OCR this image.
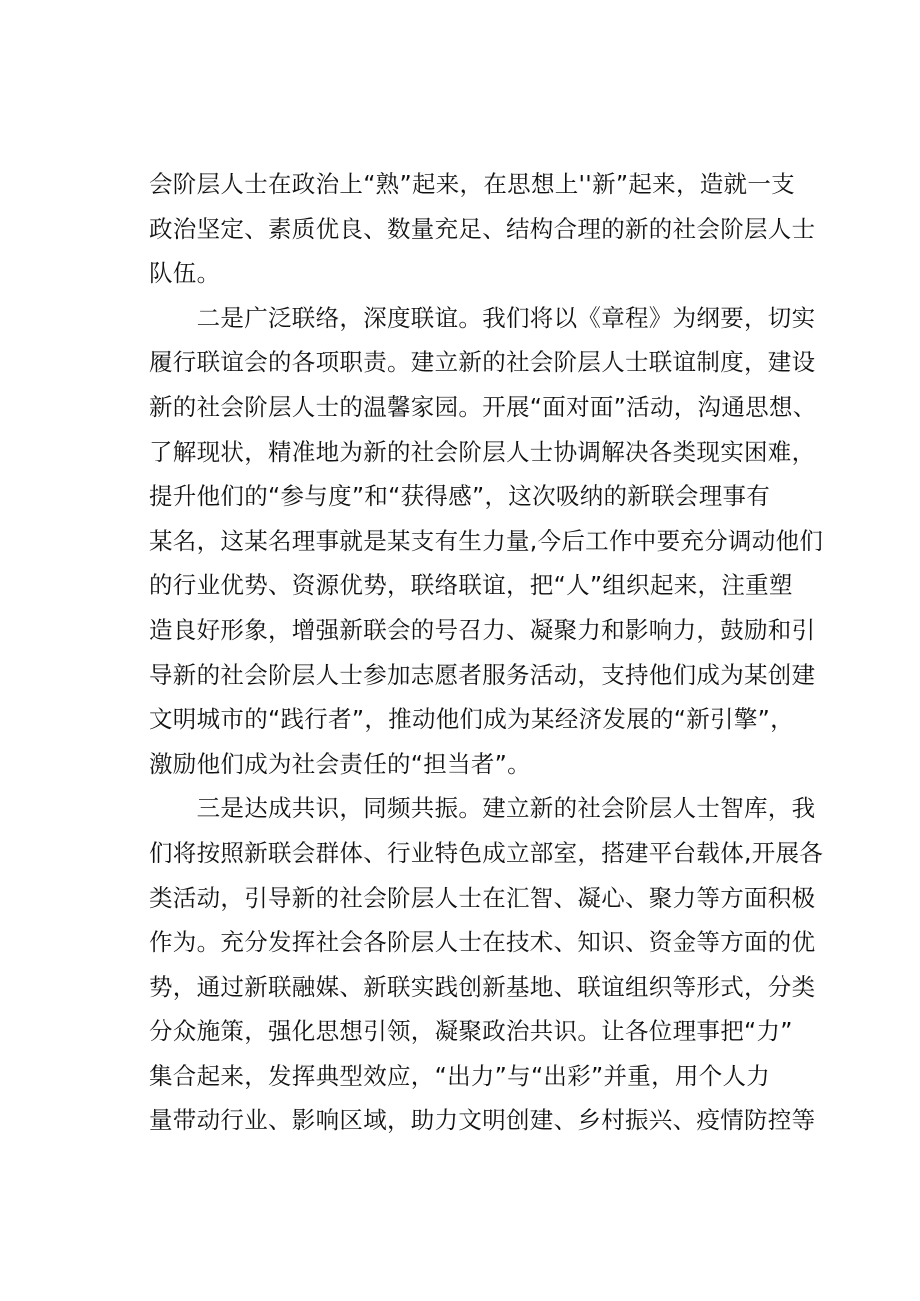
会阶层人士在政治上“熟”起来，在思想上''新”起来，造就一支
政治坚定、素质优良、数量充足、结构合理的新的社会阶层人士
队伍。
　　二是广泛联络，深度联谊。我们将以《章程》为纲要，切实
履行联谊会的各项职责。建立新的社会阶层人士联谊制度，建设
新的社会阶层人士的温馨家园。开展“面对面”活动，沟通思想、
了解现状，精准地为新的社会阶层人士协调解决各类现实困难，
提升他们的“参与度”和“获得感”，这次吸纳的新联会理事有
某名，这某名理事就是某支有生力量,今后工作中要充分调动他们
的行业优势、资源优势，联络联谊，把“人”组织起来，注重塑
造良好形象，增强新联会的号召力、凝聚力和影响力，鼓励和引
导新的社会阶层人士参加志愿者服务活动，支持他们成为某创建
文明城市的“践行者”，推动他们成为某经济发展的“新引擎”，
激励他们成为社会责任的“担当者”。
　　三是达成共识，同频共振。建立新的社会阶层人士智库，我
们将按照新联会群体、行业特色成立部室，搭建平台载体,开展各
类活动，引导新的社会阶层人士在汇智、凝心、聚力等方面积极
作为。充分发挥社会各阶层人士在技术、知识、资金等方面的优
势，通过新联融媒、新联实践创新基地、联谊组织等形式，分类
分众施策，强化思想引领，凝聚政治共识。让各位理事把“力”
集合起来，发挥典型效应，“出力”与“出彩”并重，用个人力
量带动行业、影响区域，助力文明创建、乡村振兴、疫情防控等
